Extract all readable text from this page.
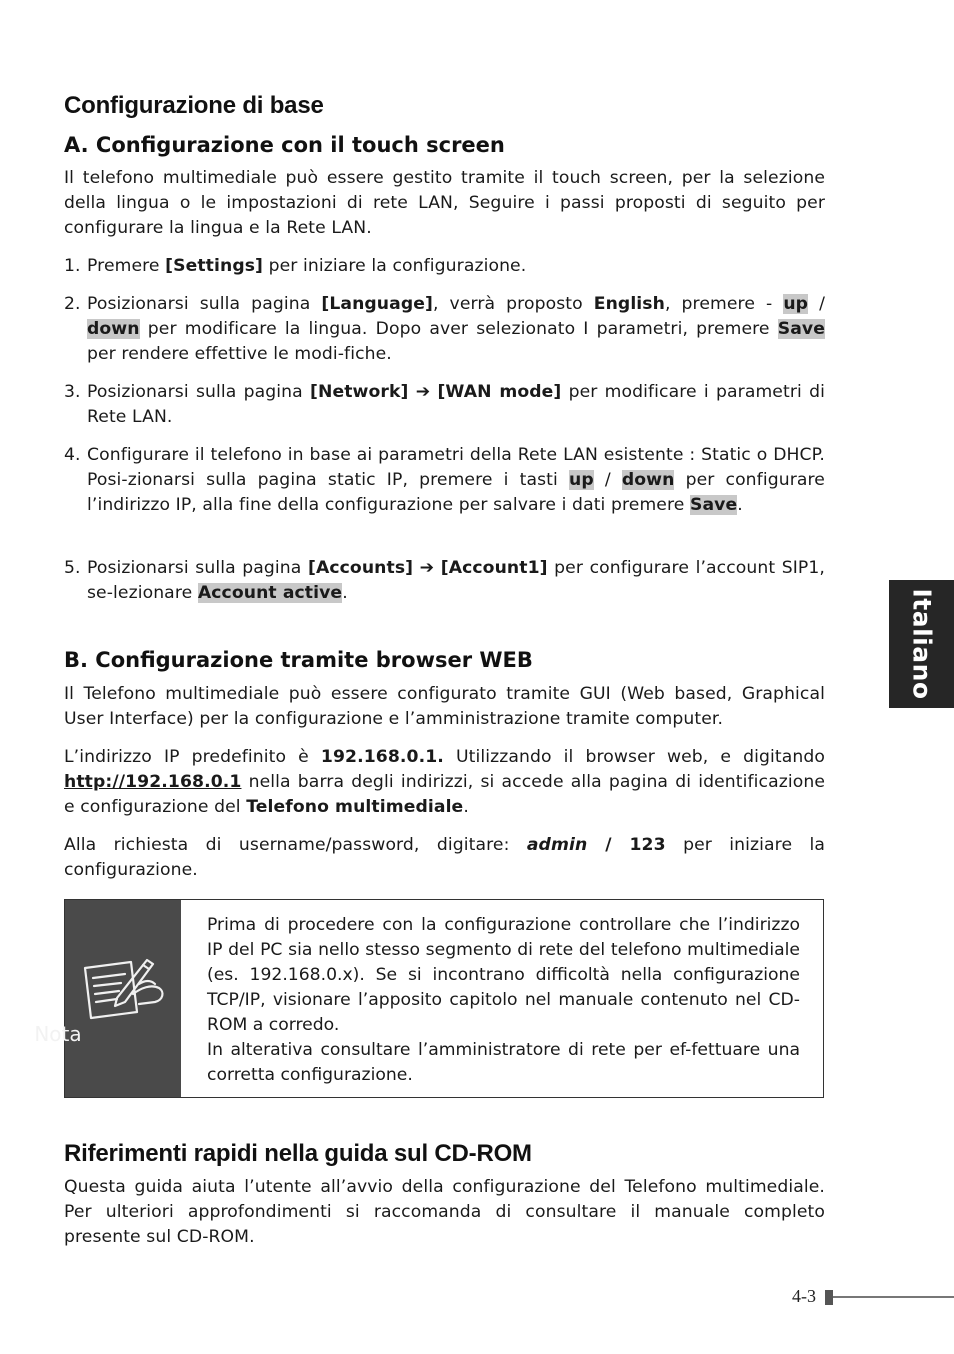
Configurazione di base
A. Configurazione con il touch screen

Il telefono multimediale può essere gestito tramite il touch screen, per la selezione della lingua o le impostazioni di rete LAN, Seguire i passi proposti di seguito per configurare la lingua e la Rete LAN.

1. Premere [Settings] per iniziare la configurazione.
2. Posizionarsi sulla pagina [Language], verrà proposto English, premere - up / down per modificare la lingua. Dopo aver selezionato I parametri, premere Save per rendere effettive le modi-fiche.
3. Posizionarsi sulla pagina [Network] ➔ [WAN mode] per modificare i parametri di Rete LAN.
4. Configurare il telefono in base ai parametri della Rete LAN esistente : Static o DHCP. Posi-zionarsi sulla pagina static IP, premere i tasti up / down per configurare l’indirizzo IP, alla fine della configurazione per salvare i dati premere Save.
5. Posizionarsi sulla pagina [Accounts] ➔ [Account1] per configurare l’account SIP1, se-lezionare Account active.
B. Configurazione tramite browser WEB

Il Telefono multimediale può essere configurato tramite GUI (Web based, Graphical User Interface) per la configurazione e l’amministrazione tramite computer.

L’indirizzo IP predefinito è 192.168.0.1. Utilizzando il browser web, e digitando http://192.168.0.1 nella barra degli indirizzi, si accede alla pagina di identificazione e configurazione del Telefono multimediale.

Alla richiesta di username/password, digitare: admin / 123 per iniziare la configurazione.

Riferimenti rapidi nella guida sul CD-ROM

Questa guida aiuta l’utente all’avvio della configurazione del Telefono multimediale. Per ulteriori approfondimenti si raccomanda di consultare il manuale completo presente sul CD-ROM.

Prima di procedere con la configurazione controllare che l’indirizzo IP del PC sia nello stesso segmento di rete del telefono multimediale (es. 192.168.0.x). Se si incontrano difficoltà nella configurazione TCP/IP, visionare l’apposito capitolo nel manuale contenuto nel CD-ROM a corredo.
In alterativa consultare l’amministratore di rete per ef-fettuare una corretta configurazione.
Nota
Italiano
4-3
